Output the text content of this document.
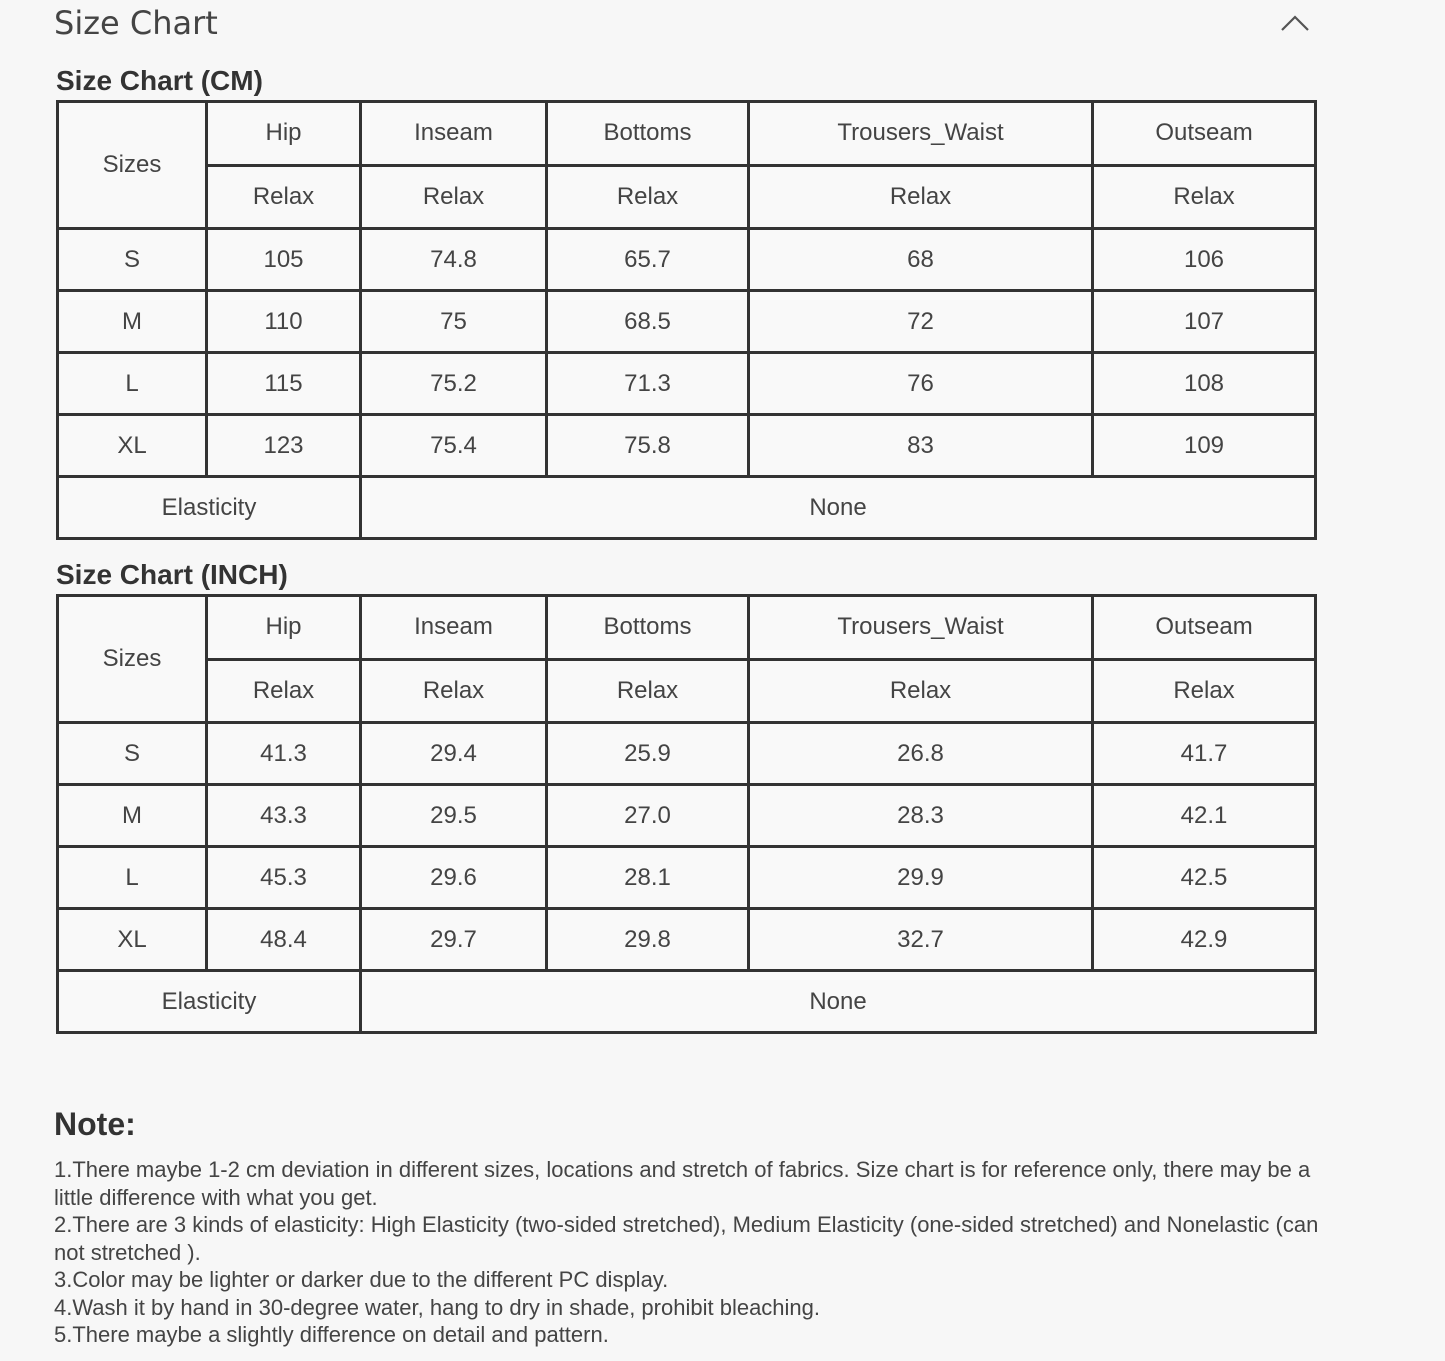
Size Chart
Size Chart (CM)
Sizes	Hip	Inseam	Bottoms	Trousers_Waist	Outseam
	Relax	Relax	Relax	Relax	Relax
S	105	74.8	65.7	68	106
M	110	75	68.5	72	107
L	115	75.2	71.3	76	108
XL	123	75.4	75.8	83	109
Elasticity		None			
Size Chart (INCH)
Sizes	Hip	Inseam	Bottoms	Trousers_Waist	Outseam
	Relax	Relax	Relax	Relax	Relax
S	41.3	29.4	25.9	26.8	41.7
M	43.3	29.5	27.0	28.3	42.1
L	45.3	29.6	28.1	29.9	42.5
XL	48.4	29.7	29.8	32.7	42.9
Elasticity		None			
Note:

1.There maybe 1-2 cm deviation in different sizes, locations and stretch of fabrics. Size chart is for reference only, there may be a little difference with what you get.

2.There are 3 kinds of elasticity: High Elasticity (two-sided stretched), Medium Elasticity (one-sided stretched) and Nonelastic (can not stretched ).

3.Color may be lighter or darker due to the different PC display.

4.Wash it by hand in 30-degree water, hang to dry in shade, prohibit bleaching.

5.There maybe a slightly difference on detail and pattern.
